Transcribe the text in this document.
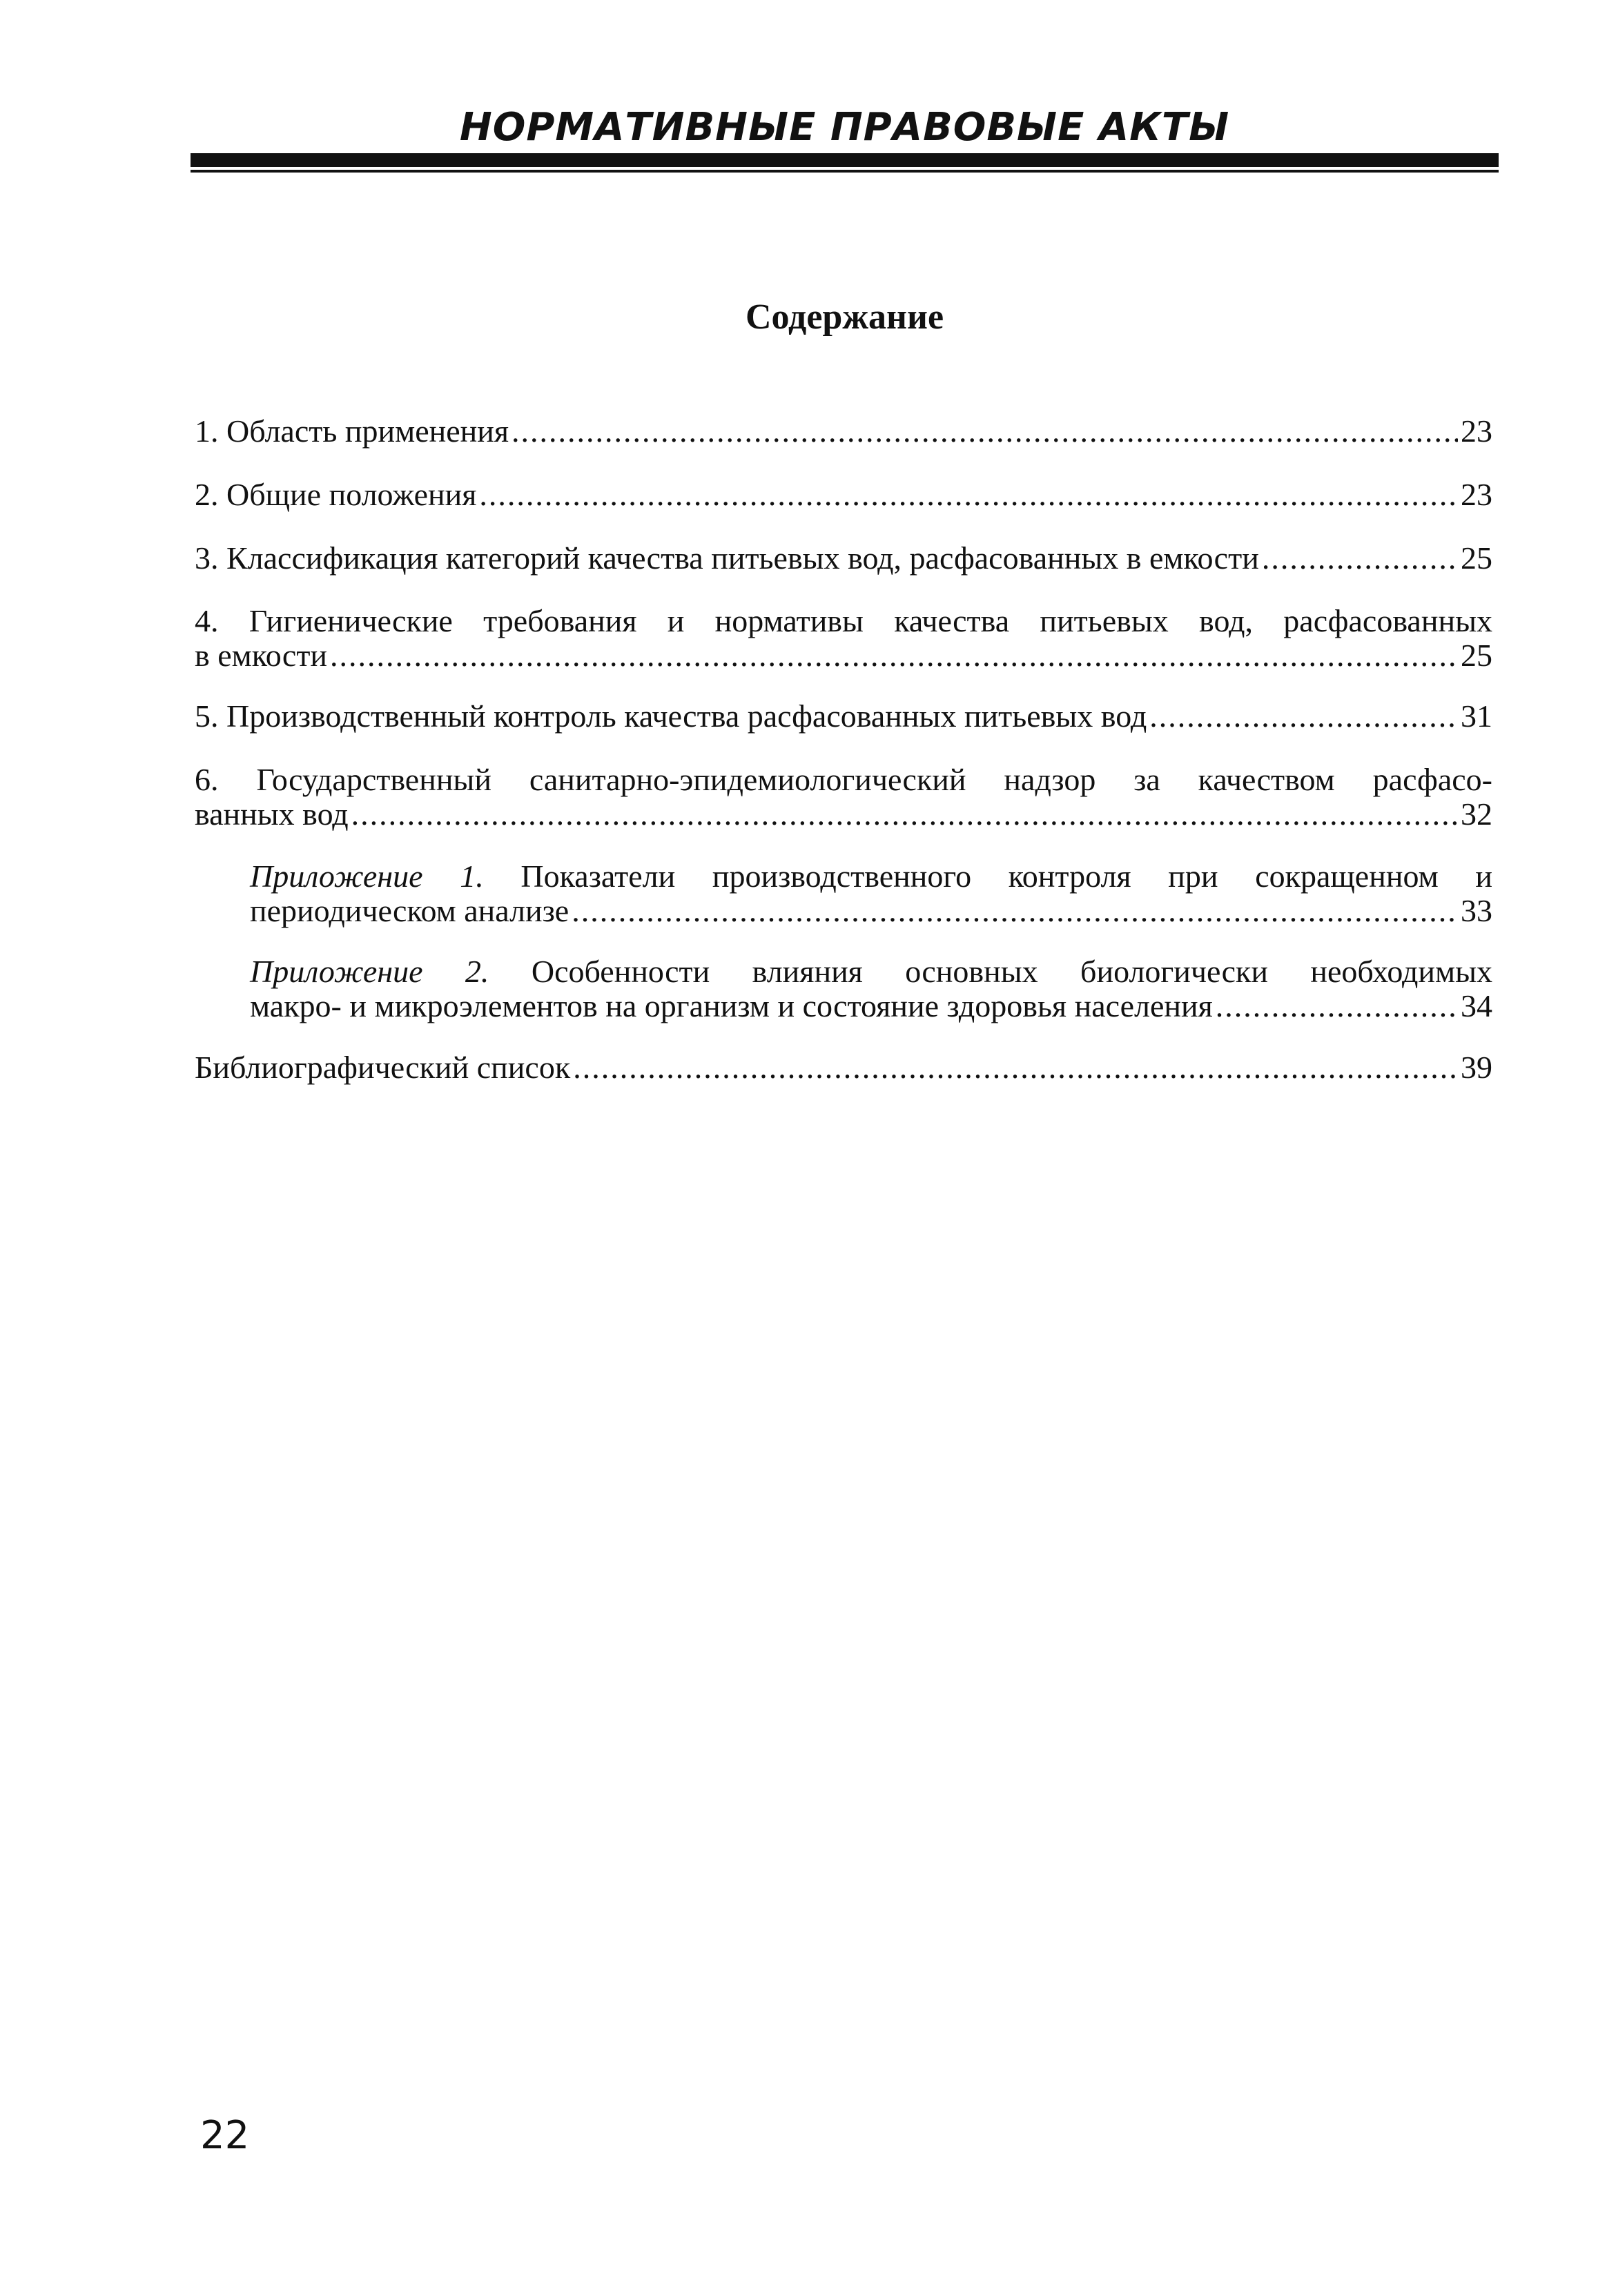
НОРМАТИВНЫЕ ПРАВОВЫЕ АКТЫ
Содержание
1. Область применения .....	23
2. Общие положения .....	23
3. Классификация категорий качества питьевых вод, расфасованных в емкости .....	25
4. Гигиенические требования и нормативы качества питьевых вод, расфасованных
в емкости .....	25
5. Производственный контроль качества расфасованных питьевых вод .....	31
6. Государственный санитарно-эпидемиологический надзор за качеством расфасо-
ванных вод .....	32
Приложение 1. Показатели производственного контроля при сокращенном и
периодическом анализе .....	33
Приложение 2. Особенности влияния основных биологически необходимых
макро- и микроэлементов на организм и состояние здоровья населения .....	34
Библиографический список .....	39
22
